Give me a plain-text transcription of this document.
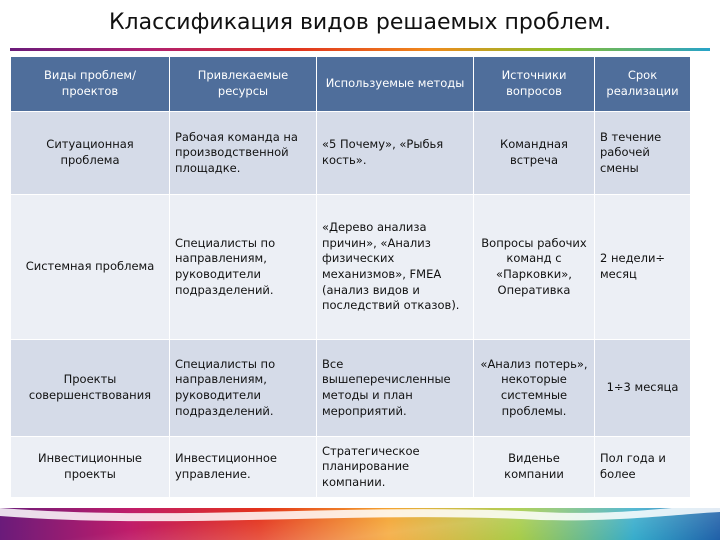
Классификация видов решаемых проблем.
Виды проблем/ проектов	Привлекаемые ресурсы	Используемые методы	Источники вопросов	Срок реализации
Ситуационная проблема	Рабочая команда на производственной площадке.	«5 Почему», «Рыбья кость».	Командная встреча	В течение рабочей смены
Системная проблема	Специалисты по направлениям, руководители подразделений.	«Дерево анализа причин», «Анализ физических механизмов», FMEA (анализ видов и последствий отказов).	Вопросы рабочих команд с «Парковки», Оперативка	2 недели÷ месяц
Проекты совершенствования	Специалисты по направлениям, руководители подразделений.	Все вышеперечисленные методы и план мероприятий.	«Анализ потерь», некоторые системные проблемы.	1÷3 месяца
Инвестиционные проекты	Инвестиционное управление.	Стратегическое планирование компании.	Виденье компании	Пол года и более
